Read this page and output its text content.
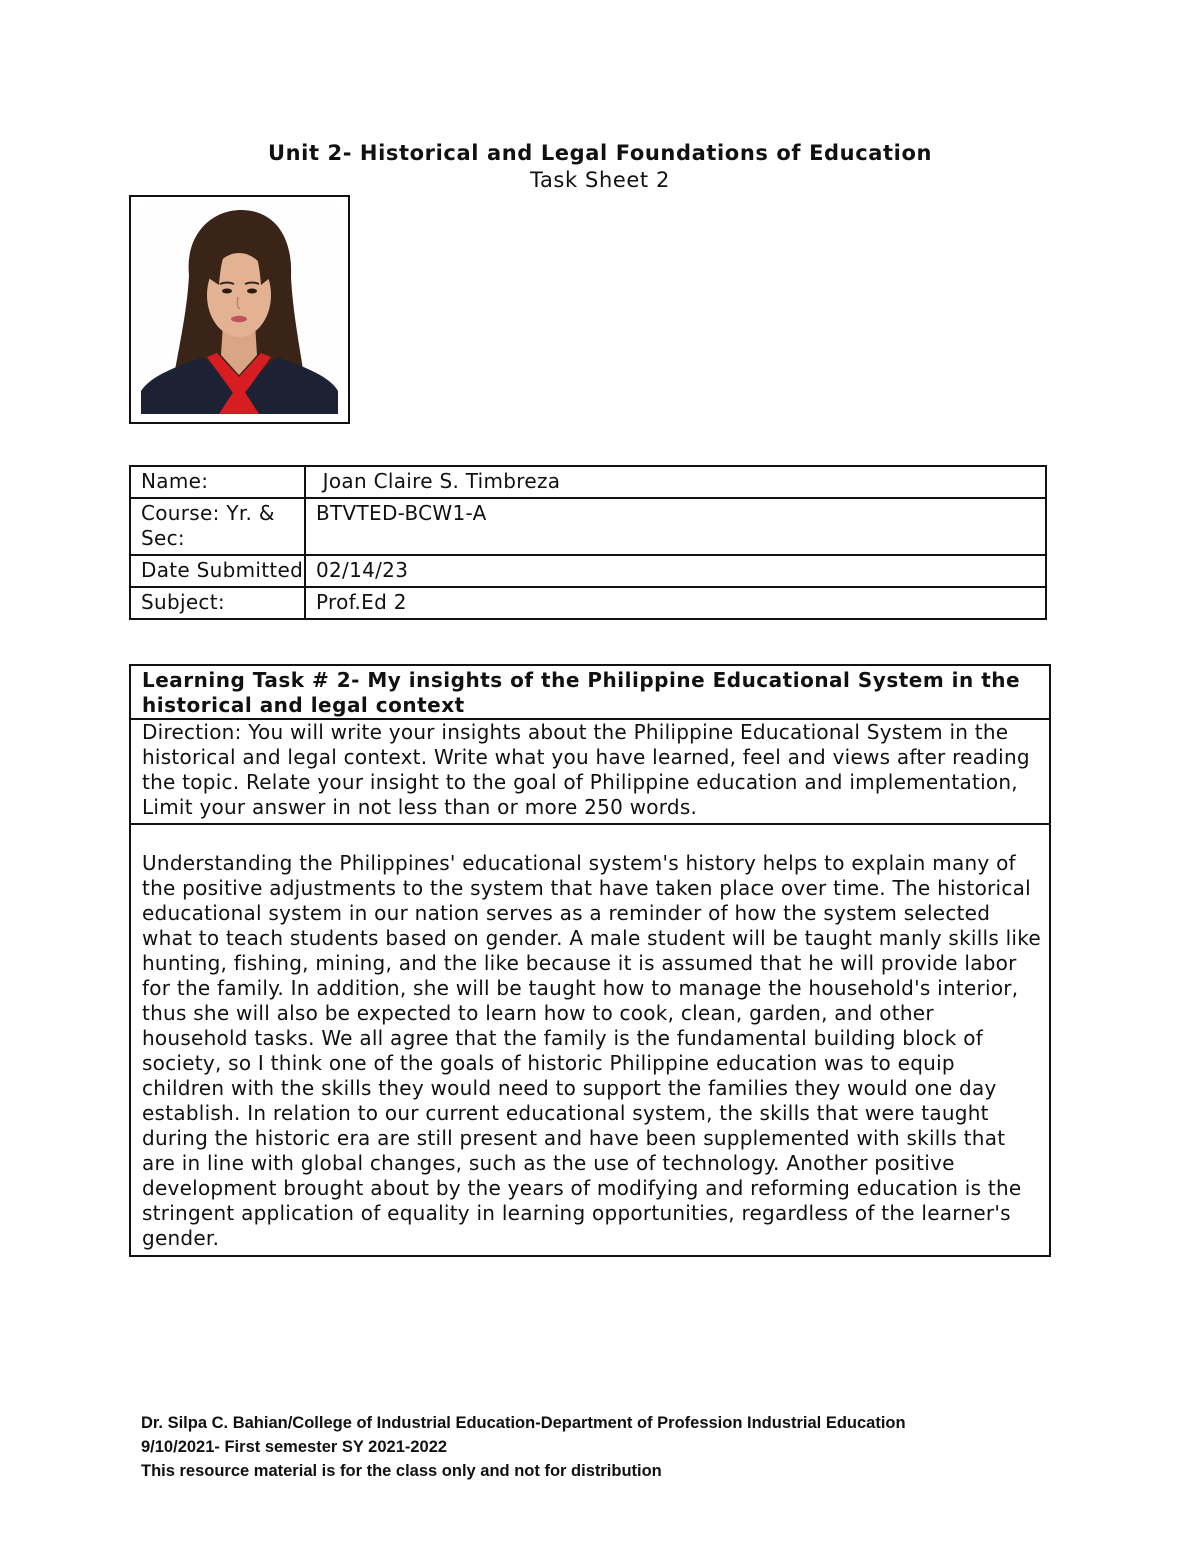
Unit 2- Historical and Legal Foundations of Education
Task Sheet 2
Name:	Joan Claire S. Timbreza
Course: Yr. & Sec:	BTVTED-BCW1-A
Date Submitted	02/14/23
Subject:	Prof.Ed 2
Learning Task # 2- My insights of the Philippine Educational System in the historical and legal context
Direction: You will write your insights about the Philippine Educational System in the historical and legal context. Write what you have learned, feel and views after reading the topic. Relate your insight to the goal of Philippine education and implementation, Limit your answer in not less than or more 250 words.
Understanding the Philippines' educational system's history helps to explain many of the positive adjustments to the system that have taken place over time. The historical educational system in our nation serves as a reminder of how the system selected what to teach students based on gender. A male student will be taught manly skills like hunting, fishing, mining, and the like because it is assumed that he will provide labor for the family. In addition, she will be taught how to manage the household's interior, thus she will also be expected to learn how to cook, clean, garden, and other household tasks. We all agree that the family is the fundamental building block of society, so I think one of the goals of historic Philippine education was to equip children with the skills they would need to support the families they would one day establish. In relation to our current educational system, the skills that were taught during the historic era are still present and have been supplemented with skills that are in line with global changes, such as the use of technology. Another positive development brought about by the years of modifying and reforming education is the stringent application of equality in learning opportunities, regardless of the learner's gender.

Dr. Silpa C. Bahian/College of Industrial Education-Department of Profession Industrial Education

9/10/2021- First semester SY 2021-2022

This resource material is for the class only and not for distribution
